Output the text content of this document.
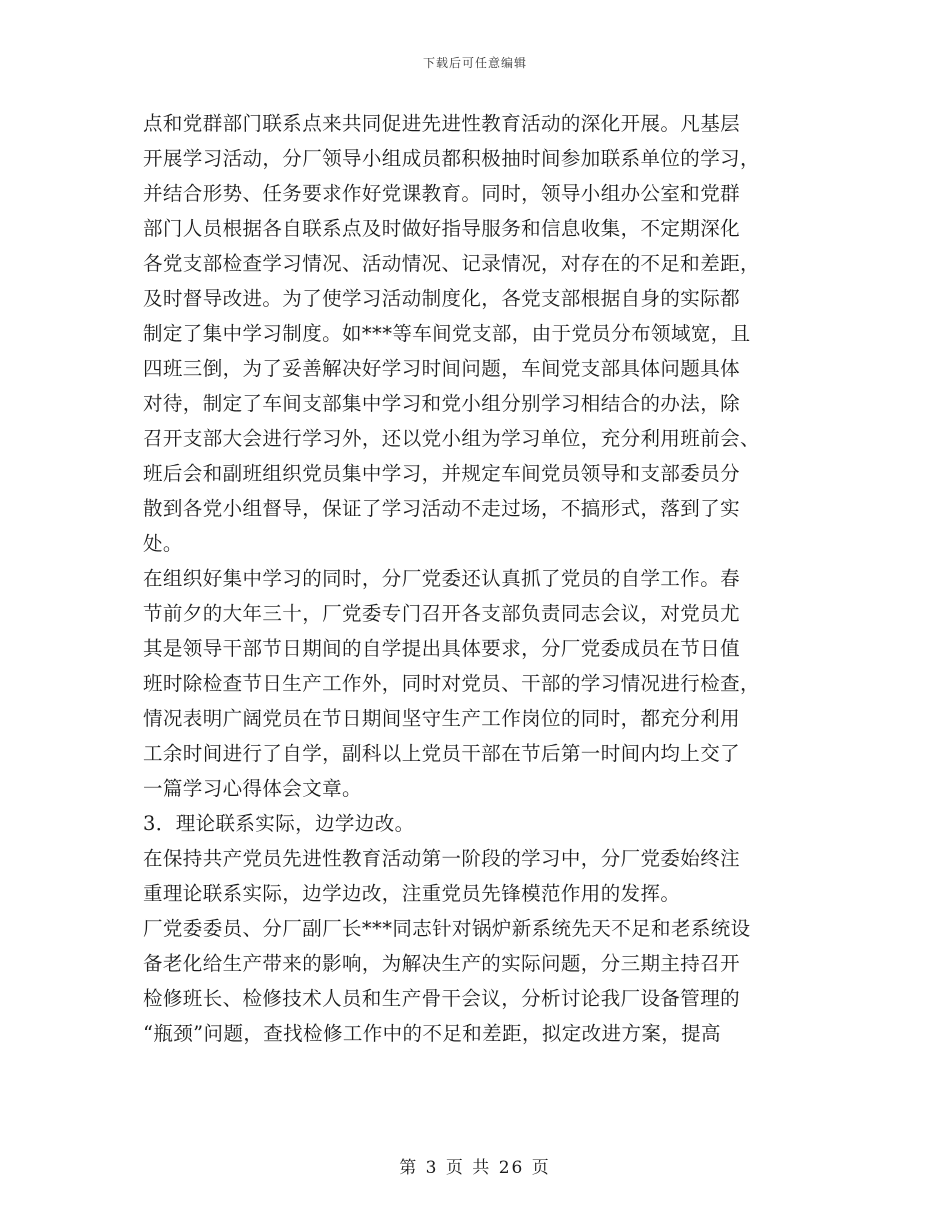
下载后可任意编辑
点和党群部门联系点来共同促进先进性教育活动的深化开展。凡基层
开展学习活动，分厂领导小组成员都积极抽时间参加联系单位的学习，
并结合形势、任务要求作好党课教育。同时，领导小组办公室和党群
部门人员根据各自联系点及时做好指导服务和信息收集，不定期深化
各党支部检查学习情况、活动情况、记录情况，对存在的不足和差距，
及时督导改进。为了使学习活动制度化，各党支部根据自身的实际都
制定了集中学习制度。如***等车间党支部，由于党员分布领域宽，且
四班三倒，为了妥善解决好学习时间问题，车间党支部具体问题具体
对待，制定了车间支部集中学习和党小组分别学习相结合的办法，除
召开支部大会进行学习外，还以党小组为学习单位，充分利用班前会、
班后会和副班组织党员集中学习，并规定车间党员领导和支部委员分
散到各党小组督导，保证了学习活动不走过场，不搞形式，落到了实
处。
在组织好集中学习的同时，分厂党委还认真抓了党员的自学工作。春
节前夕的大年三十，厂党委专门召开各支部负责同志会议，对党员尤
其是领导干部节日期间的自学提出具体要求，分厂党委成员在节日值
班时除检查节日生产工作外，同时对党员、干部的学习情况进行检查，
情况表明广阔党员在节日期间坚守生产工作岗位的同时，都充分利用
工余时间进行了自学，副科以上党员干部在节后第一时间内均上交了
一篇学习心得体会文章。
3．理论联系实际，边学边改。
在保持共产党员先进性教育活动第一阶段的学习中，分厂党委始终注
重理论联系实际，边学边改，注重党员先锋模范作用的发挥。
厂党委委员、分厂副厂长***同志针对锅炉新系统先天不足和老系统设
备老化给生产带来的影响，为解决生产的实际问题，分三期主持召开
检修班长、检修技术人员和生产骨干会议，分析讨论我厂设备管理的
“瓶颈”问题，查找检修工作中的不足和差距，拟定改进方案，提高
第 3 页 共 26 页
